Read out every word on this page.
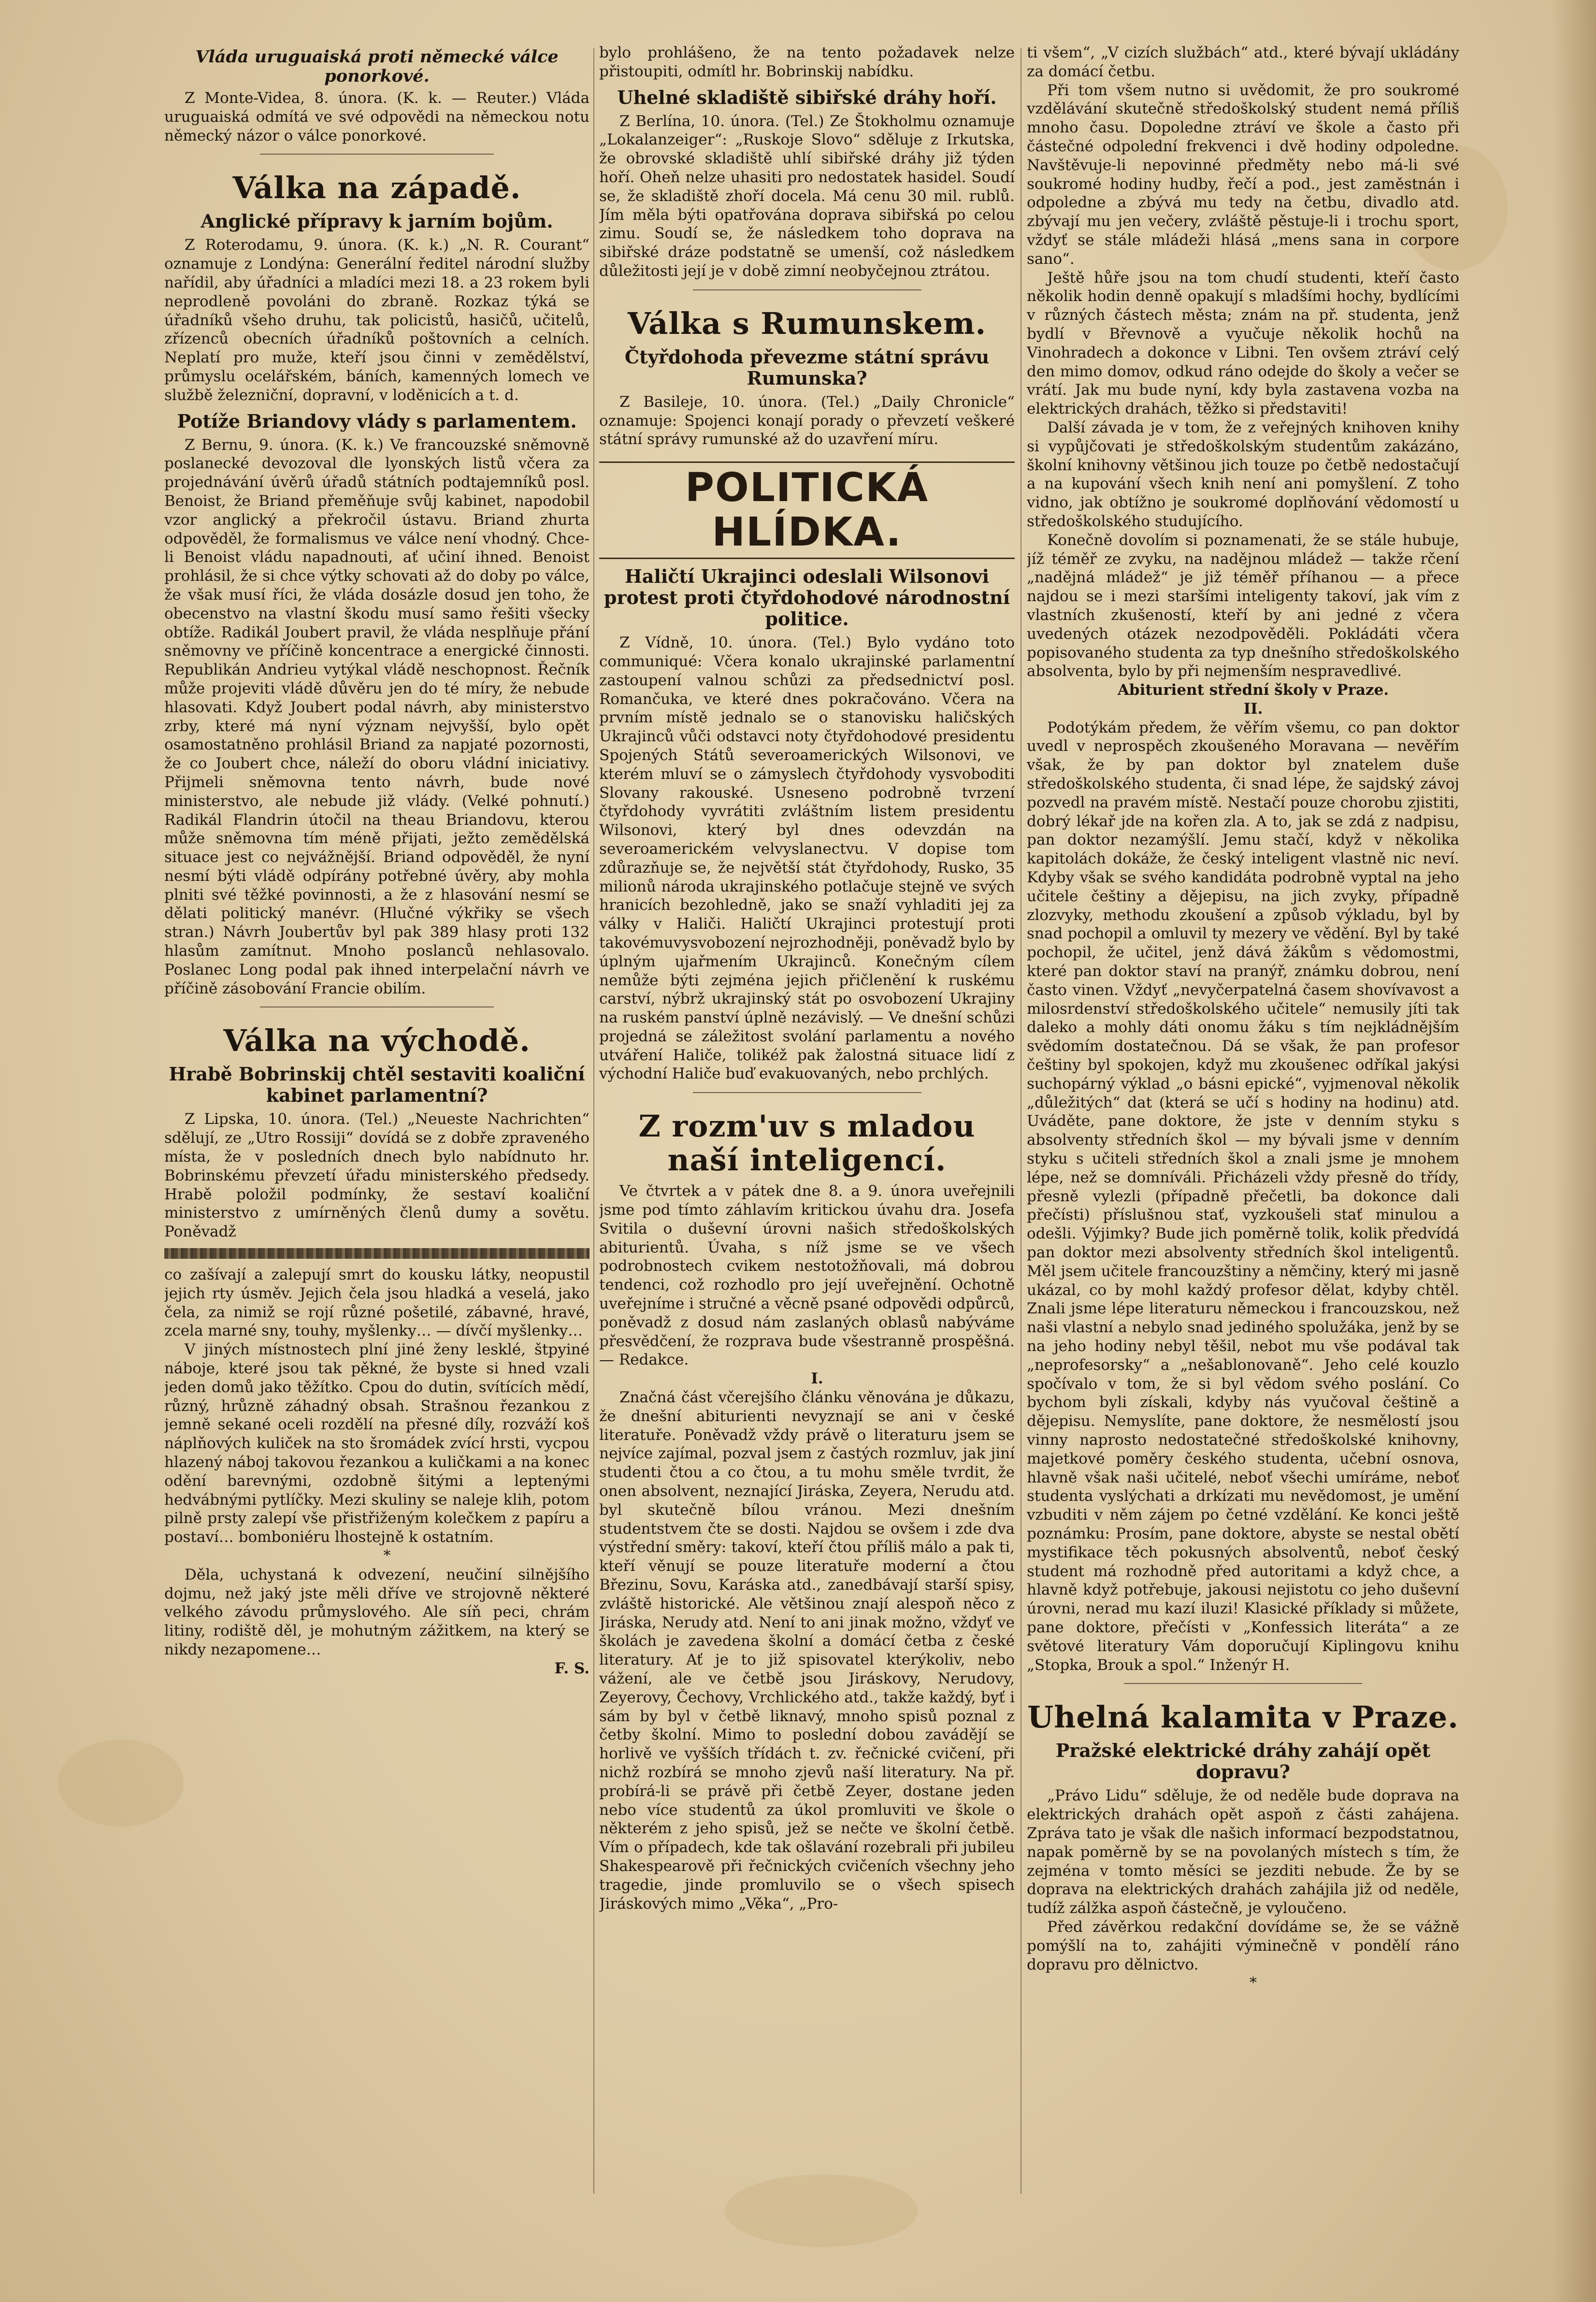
Vláda uruguaiská proti německé válce ponorkové.

Z Monte-Videa, 8. února. (K. k. — Reuter.) Vláda uruguaiská odmítá ve své odpovědi na německou notu německý názor o válce ponorkové.

Válka na západě.
Anglické přípravy k jarním bojům.

Z Roterodamu, 9. února. (K. k.) „N. R. Courant“ oznamuje z Londýna: Generální ředitel národní služby nařídil, aby úřadníci a mladíci mezi 18. a 23 rokem byli neprodleně povoláni do zbraně. Rozkaz týká se úřadníků všeho druhu, tak policistů, hasičů, učitelů, zřízenců obecních úřadníků poštovních a celních. Neplatí pro muže, kteří jsou činni v zemědělství, průmyslu ocelářském, báních, kamenných lomech ve službě železniční, dopravní, v loděnicích a t. d.

Potíže Briandovy vlády s parlamentem.

Z Bernu, 9. února. (K. k.) Ve francouzské sněmovně poslanecké devozoval dle lyonských listů včera za projednávání úvěrů úřadů státních podtajemníků posl. Benoist, že Briand přeměňuje svůj kabinet, napodobil vzor anglický a překročil ústavu. Briand zhurta odpověděl, že formalismus ve válce není vhodný. Chce-li Benoist vládu napadnouti, ať učiní ihned. Benoist prohlásil, že si chce výtky schovati až do doby po válce, že však musí říci, že vláda dosázle dosud jen toho, že obecenstvo na vlastní škodu musí samo řešiti všecky obtíže. Radikál Joubert pravil, že vláda nesplňuje přání sněmovny ve příčině koncentrace a energické činnosti. Republikán Andrieu vytýkal vládě neschopnost. Řečník může projeviti vládě důvěru jen do té míry, že nebude hlasovati. Když Joubert podal návrh, aby ministerstvo zrby, které má nyní význam nejvyšší, bylo opět osamostatněno prohlásil Briand za napjaté pozornosti, že co Joubert chce, náleží do oboru vládní iniciativy. Přijmeli sněmovna tento návrh, bude nové ministerstvo, ale nebude již vlády. (Velké pohnutí.) Radikál Flandrin útočil na theau Briandovu, kterou může sněmovna tím méně přijati, ježto zemědělská situace jest co nejvážnější. Briand odpověděl, že nyní nesmí býti vládě odpírány potřebné úvěry, aby mohla plniti své těžké povinnosti, a že z hlasování nesmí se dělati politický manévr. (Hlučné výkřiky se všech stran.) Návrh Joubertův byl pak 389 hlasy proti 132 hlasům zamítnut. Mnoho poslanců nehlasovalo. Poslanec Long podal pak ihned interpelační návrh ve příčině zásobování Francie obilím.

Válka na východě.
Hrabě Bobrinskij chtěl sestaviti koaliční kabinet parlamentní?

Z Lipska, 10. února. (Tel.) „Neueste Nachrichten“ sdělují, ze „Utro Rossiji“ dovídá se z dobře zpraveného místa, že v posledních dnech bylo nabídnuto hr. Bobrinskému převzetí úřadu ministerského předsedy. Hrabě položil podmínky, že sestaví koaliční ministerstvo z umírněných členů dumy a sovětu. Poněvadž

co zašívají a zalepují smrt do kousku látky, neopustil jejich rty úsměv. Jejich čela jsou hladká a veselá, jako čela, za nimiž se rojí různé pošetilé, zábavné, hravé, zcela marné sny, touhy, myšlenky… — dívčí myšlenky…

V jiných místnostech plní jiné ženy lesklé, štpyiné náboje, které jsou tak pěkné, že byste si hned vzali jeden domů jako těžítko. Cpou do dutin, svítících mědí, různý, hrůzně záhadný obsah. Strašnou řezankou z jemně sekané oceli rozdělí na přesné díly, rozváží koš náplňových kuliček na sto šromádek zvící hrsti, vycpou hlazený náboj takovou řezankou a kuličkami a na konec odění barevnými, ozdobně šitými a leptenými hedvábnými pytlíčky. Mezi skuliny se naleje klih, potom pilně prsty zalepí vše přistřiženým kolečkem z papíru a postaví… bomboniéru lhostejně k ostatním.

*

Děla, uchystaná k odvezení, neučiní silnějšího dojmu, než jaký jste měli dříve ve strojovně některé velkého závodu průmyslového. Ale síň peci, chrám litiny, rodiště děl, je mohutným zážitkem, na který se nikdy nezapomene…

F. S.

bylo prohlášeno, že na tento požadavek nelze přistoupiti, odmítl hr. Bobrinskij nabídku.

Uhelné skladiště sibiřské dráhy hoří.

Z Berlína, 10. února. (Tel.) Ze Štokholmu oznamuje „Lokalanzeiger“: „Ruskoje Slovo“ sděluje z Irkutska, že obrovské skladiště uhlí sibiřské dráhy již týden hoří. Oheň nelze uhasiti pro nedostatek hasidel. Soudí se, že skladiště zhoří docela. Má cenu 30 mil. rublů. Jím měla býti opatřována doprava sibiřská po celou zimu. Soudí se, že následkem toho doprava na sibiřské dráze podstatně se umenší, což následkem důležitosti její je v době zimní neobyčejnou ztrátou.

Válka s Rumunskem.
Čtyřdohoda převezme státní správu Rumunska?

Z Basileje, 10. února. (Tel.) „Daily Chronicle“ oznamuje: Spojenci konají porady o převzetí veškeré státní správy rumunské až do uzavření míru.

POLITICKÁ HLÍDKA.
Haličtí Ukrajinci odeslali Wilsonovi protest proti čtyřdohodové národnostní politice.

Z Vídně, 10. února. (Tel.) Bylo vydáno toto communiqué: Včera konalo ukrajinské parlamentní zastoupení valnou schůzi za předsednictví posl. Romančuka, ve které dnes pokračováno. Včera na prvním místě jednalo se o stanovisku haličských Ukrajinců vůči odstavci noty čtyřdohodové presidentu Spojených Států severoamerických Wilsonovi, ve kterém mluví se o zámyslech čtyřdohody vysvoboditi Slovany rakouské. Usneseno podrobně tvrzení čtyřdohody vyvrátiti zvláštním listem presidentu Wilsonovi, který byl dnes odevzdán na severoamerickém velvyslanectvu. V dopise tom zdůrazňuje se, že největší stát čtyřdohody, Rusko, 35 milionů národa ukrajinského potlačuje stejně ve svých hranicích bezohledně, jako se snaží vyhladiti jej za války v Haliči. Haličtí Ukrajinci protestují proti takovémuvysvobození nejrozhodněji, poněvadž bylo by úplným ujařmením Ukrajinců. Konečným cílem nemůže býti zejména jejich přičlenění k ruskému carství, nýbrž ukrajinský stát po osvobození Ukrajiny na ruském panství úplně nezávislý. — Ve dnešní schůzi projedná se záležitost svolání parlamentu a nového utváření Haliče, tolikéž pak žalostná situace lidí z východní Haliče buď evakuovaných, nebo prchlých.

Z rozm'uv s mladou naší inteligencí.

Ve čtvrtek a v pátek dne 8. a 9. února uveřejnili jsme pod tímto záhlavím kritickou úvahu dra. Josefa Svitila o duševní úrovni našich středoškolských abiturientů. Úvaha, s níž jsme se ve všech podrobnostech cvikem nestotožňovali, má dobrou tendenci, což rozhodlo pro její uveřejnění. Ochotně uveřejníme i stručné a věcně psané odpovědi odpůrců, poněvadž z dosud nám zaslaných oblasů nabýváme přesvědčení, že rozprava bude všestranně prospěšná. — Redakce.

I.

Značná část včerejšího článku věnována je důkazu, že dnešní abiturienti nevyznají se ani v české literatuře. Poněvadž vždy právě o literaturu jsem se nejvíce zajímal, pozval jsem z častých rozmluv, jak jiní studenti čtou a co čtou, a tu mohu směle tvrdit, že onen absolvent, neznající Jiráska, Zeyera, Nerudu atd. byl skutečně bílou vránou. Mezi dnešním studentstvem čte se dosti. Najdou se ovšem i zde dva výstřední směry: takoví, kteří čtou příliš málo a pak ti, kteří věnují se pouze literatuře moderní a čtou Březinu, Sovu, Karáska atd., zanedbávají starší spisy, zvláště historické. Ale většinou znají alespoň něco z Jiráska, Nerudy atd. Není to ani jinak možno, vždyť ve školách je zavedena školní a domácí četba z české literatury. Ať je to již spisovatel kterýkoliv, nebo vážení, ale ve četbě jsou Jiráskovy, Nerudovy, Zeyerovy, Čechovy, Vrchlického atd., takže každý, byť i sám by byl v četbě liknavý, mnoho spisů poznal z četby školní. Mimo to poslední dobou zavádějí se horlivě ve vyšších třídách t. zv. řečnické cvičení, při nichž rozbírá se mnoho zjevů naší literatury. Na př. probírá-li se právě při četbě Zeyer, dostane jeden nebo více studentů za úkol promluviti ve škole o některém z jeho spisů, jež se nečte ve školní četbě. Vím o případech, kde tak ošlavání rozebrali při jubileu Shakespearově při řečnických cvičeních všechny jeho tragedie, jinde promluvilo se o všech spisech Jiráskových mimo „Věka“, „Pro-

ti všem“, „V cizích službách“ atd., které bývají ukládány za domácí četbu.

Při tom všem nutno si uvědomit, že pro soukromé vzdělávání skutečně středoškolský student nemá příliš mnoho času. Dopoledne ztráví ve škole a často při částečné odpolední frekvenci i dvě hodiny odpoledne. Navštěvuje-li nepovinné předměty nebo má-li své soukromé hodiny hudby, řečí a pod., jest zaměstnán i odpoledne a zbývá mu tedy na četbu, divadlo atd. zbývají mu jen večery, zvláště pěstuje-li i trochu sport, vždyť se stále mládeži hlásá „mens sana in corpore sano“.

Ještě hůře jsou na tom chudí studenti, kteří často několik hodin denně opakují s mladšími hochy, bydlícími v různých částech města; znám na př. studenta, jenž bydlí v Břevnově a vyučuje několik hochů na Vinohradech a dokonce v Libni. Ten ovšem ztráví celý den mimo domov, odkud ráno odejde do školy a večer se vrátí. Jak mu bude nyní, kdy byla zastavena vozba na elektrických drahách, těžko si představiti!

Další závada je v tom, že z veřejných knihoven knihy si vypůjčovati je středoškolským studentům zakázáno, školní knihovny většinou jich touze po četbě nedostačují a na kupování všech knih není ani pomyšlení. Z toho vidno, jak obtížno je soukromé doplňování vědomostí u středoškolského studujícího.

Konečně dovolím si poznamenati, že se stále hubuje, jíž téměř ze zvyku, na nadějnou mládež — takže rčení „nadějná mládež“ je již téměř příhanou — a přece najdou se i mezi staršími inteligenty takoví, jak vím z vlastních zkušeností, kteří by ani jedné z včera uvedených otázek nezodpověděli. Pokládáti včera popisovaného studenta za typ dnešního středoškolského absolventa, bylo by při nejmenším nespravedlivé.

Abiturient střední školy v Praze.

II.

Podotýkám předem, že věřím všemu, co pan doktor uvedl v neprospěch zkoušeného Moravana — nevěřím však, že by pan doktor byl znatelem duše středoškolského studenta, či snad lépe, že sajdský závoj pozvedl na pravém místě. Nestačí pouze chorobu zjistiti, dobrý lékař jde na kořen zla. A to, jak se zdá z nadpisu, pan doktor nezamýšlí. Jemu stačí, když v několika kapitolách dokáže, že český inteligent vlastně nic neví. Kdyby však se svého kandidáta podrobně vyptal na jeho učitele češtiny a dějepisu, na jich zvyky, případně zlozvyky, methodu zkoušení a způsob výkladu, byl by snad pochopil a omluvil ty mezery ve vědění. Byl by také pochopil, že učitel, jenž dává žákům s vědomostmi, které pan doktor staví na pranýř, známku dobrou, není často vinen. Vždyť „nevyčerpatelná časem shovívavost a milosrdenství středoškolského učitele“ nemusily jíti tak daleko a mohly dáti onomu žáku s tím nejkládnějším svědomím dostatečnou. Dá se však, že pan profesor češtiny byl spokojen, když mu zkoušenec odříkal jakýsi suchopárný výklad „o básni epické“, vyjmenoval několik „důležitých“ dat (která se učí s hodiny na hodinu) atd. Uváděte, pane doktore, že jste v denním styku s absolventy středních škol — my bývali jsme v denním styku s učiteli středních škol a znali jsme je mnohem lépe, než se domníváli. Přicházeli vždy přesně do třídy, přesně vylezli (případně přečetli, ba dokonce dali přečísti) příslušnou stať, vyzkoušeli stať minulou a odešli. Výjimky? Bude jich poměrně tolik, kolik předvídá pan doktor mezi absolventy středních škol inteligentů. Měl jsem učitele francouzštiny a němčiny, který mi jasně ukázal, co by mohl každý profesor dělat, kdyby chtěl. Znali jsme lépe literaturu německou i francouzskou, než naši vlastní a nebylo snad jediného spolužáka, jenž by se na jeho hodiny nebyl těšil, nebot mu vše podával tak „neprofesorsky“ a „nešablonovaně“. Jeho celé kouzlo spočívalo v tom, že si byl vědom svého poslání. Co bychom byli získali, kdyby nás vyučoval češtině a dějepisu. Nemyslíte, pane doktore, že nesmělostí jsou vinny naprosto nedostatečné středoškolské knihovny, majetkové poměry českého studenta, učební osnova, hlavně však naši učitelé, neboť všechi umíráme, neboť studenta vyslýchati a drkízati mu nevědomost, je umění vzbuditi v něm zájem po četné vzdělání. Ke konci ještě poznámku: Prosím, pane doktore, abyste se nestal obětí mystifikace těch pokusných absolventů, neboť český student má rozhodně před autoritami a když chce, a hlavně když potřebuje, jakousi nejistotu co jeho duševní úrovni, nerad mu kazí iluzi! Klasické příklady si můžete, pane doktore, přečísti v „Konfessich literáta“ a ze světové literatury Vám doporučují Kiplingovu knihu „Stopka, Brouk a spol.“ Inženýr H.

Uhelná kalamita v Praze.
Pražské elektrické dráhy zahájí opět dopravu?

„Právo Lidu“ sděluje, že od neděle bude doprava na elektrických drahách opět aspoň z části zahájena. Zpráva tato je však dle našich informací bezpodstatnou, napak poměrně by se na povolaných místech s tím, že zejména v tomto měsíci se jezditi nebude. Že by se doprava na elektrických drahách zahájila již od neděle, tudíž zálžka aspoň částečně, je vyloučeno.

Před závěrkou redakční dovídáme se, že se vážně pomýšlí na to, zahájiti výminečně v pondělí ráno dopravu pro dělnictvo.

*
